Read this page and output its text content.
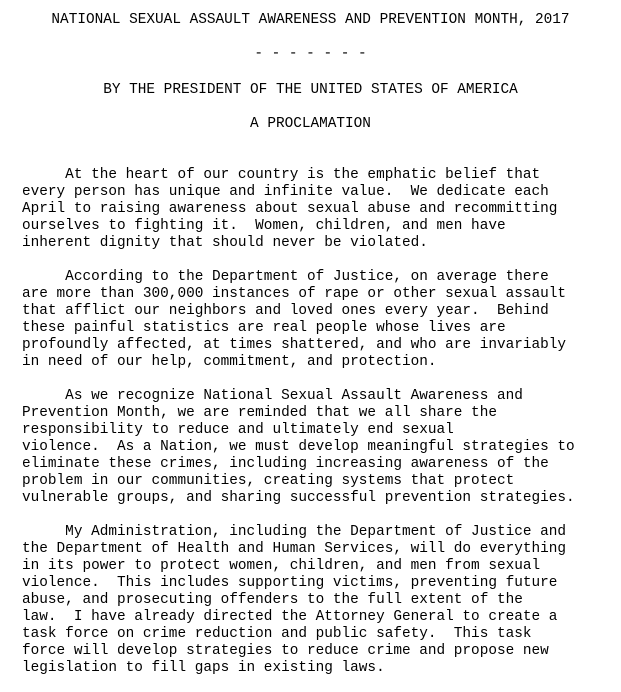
NATIONAL SEXUAL ASSAULT AWARENESS AND PREVENTION MONTH, 2017
- - - - - - -
BY THE PRESIDENT OF THE UNITED STATES OF AMERICA
A PROCLAMATION
At the heart of our country is the emphatic belief that
every person has unique and infinite value.  We dedicate each
April to raising awareness about sexual abuse and recommitting
ourselves to fighting it.  Women, children, and men have
inherent dignity that should never be violated.
According to the Department of Justice, on average there
are more than 300,000 instances of rape or other sexual assault
that afflict our neighbors and loved ones every year.  Behind
these painful statistics are real people whose lives are
profoundly affected, at times shattered, and who are invariably
in need of our help, commitment, and protection.
As we recognize National Sexual Assault Awareness and
Prevention Month, we are reminded that we all share the
responsibility to reduce and ultimately end sexual
violence.  As a Nation, we must develop meaningful strategies to
eliminate these crimes, including increasing awareness of the
problem in our communities, creating systems that protect
vulnerable groups, and sharing successful prevention strategies.
My Administration, including the Department of Justice and
the Department of Health and Human Services, will do everything
in its power to protect women, children, and men from sexual
violence.  This includes supporting victims, preventing future
abuse, and prosecuting offenders to the full extent of the
law.  I have already directed the Attorney General to create a
task force on crime reduction and public safety.  This task
force will develop strategies to reduce crime and propose new
legislation to fill gaps in existing laws.
